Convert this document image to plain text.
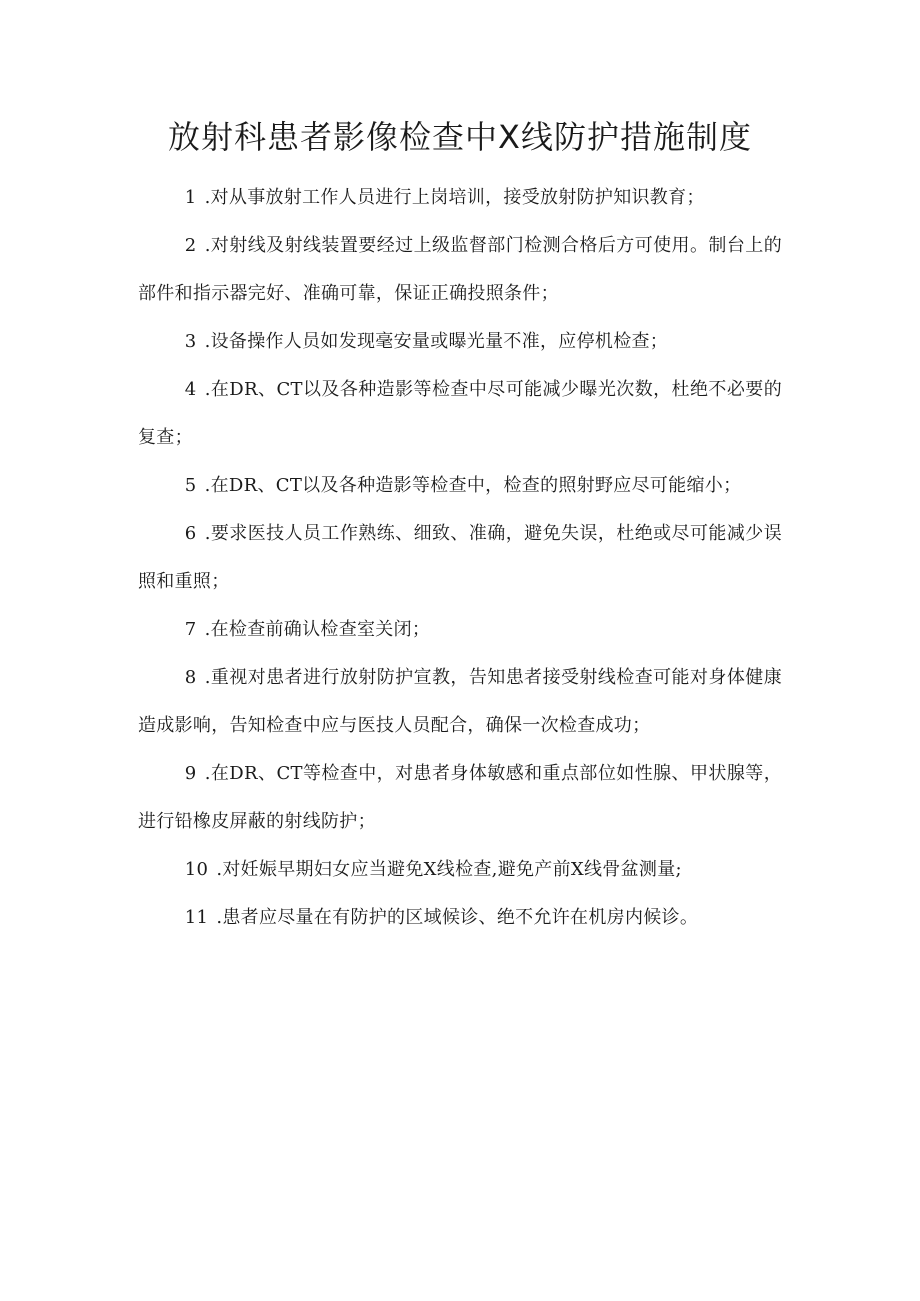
放射科患者影像检查中X线防护措施制度

1 .对从事放射工作人员进行上岗培训，接受放射防护知识教育；

2 .对射线及射线装置要经过上级监督部门检测合格后方可使用。制台上的部件和指示器完好、准确可靠，保证正确投照条件；

3 .设备操作人员如发现毫安量或曝光量不准，应停机检查；

4 .在DR、CT以及各种造影等检查中尽可能减少曝光次数，杜绝不必要的复查；

5 .在DR、CT以及各种造影等检查中，检查的照射野应尽可能缩小；

6 .要求医技人员工作熟练、细致、准确，避免失误，杜绝或尽可能减少误照和重照；

7 .在检查前确认检查室关闭；

8 .重视对患者进行放射防护宣教，告知患者接受射线检查可能对身体健康造成影响，告知检查中应与医技人员配合，确保一次检查成功；

9 .在DR、CT等检查中，对患者身体敏感和重点部位如性腺、甲状腺等，进行铅橡皮屏蔽的射线防护；

10 .对妊娠早期妇女应当避免X线检查,避免产前X线骨盆测量;

11 .患者应尽量在有防护的区域候诊、绝不允许在机房内候诊。
